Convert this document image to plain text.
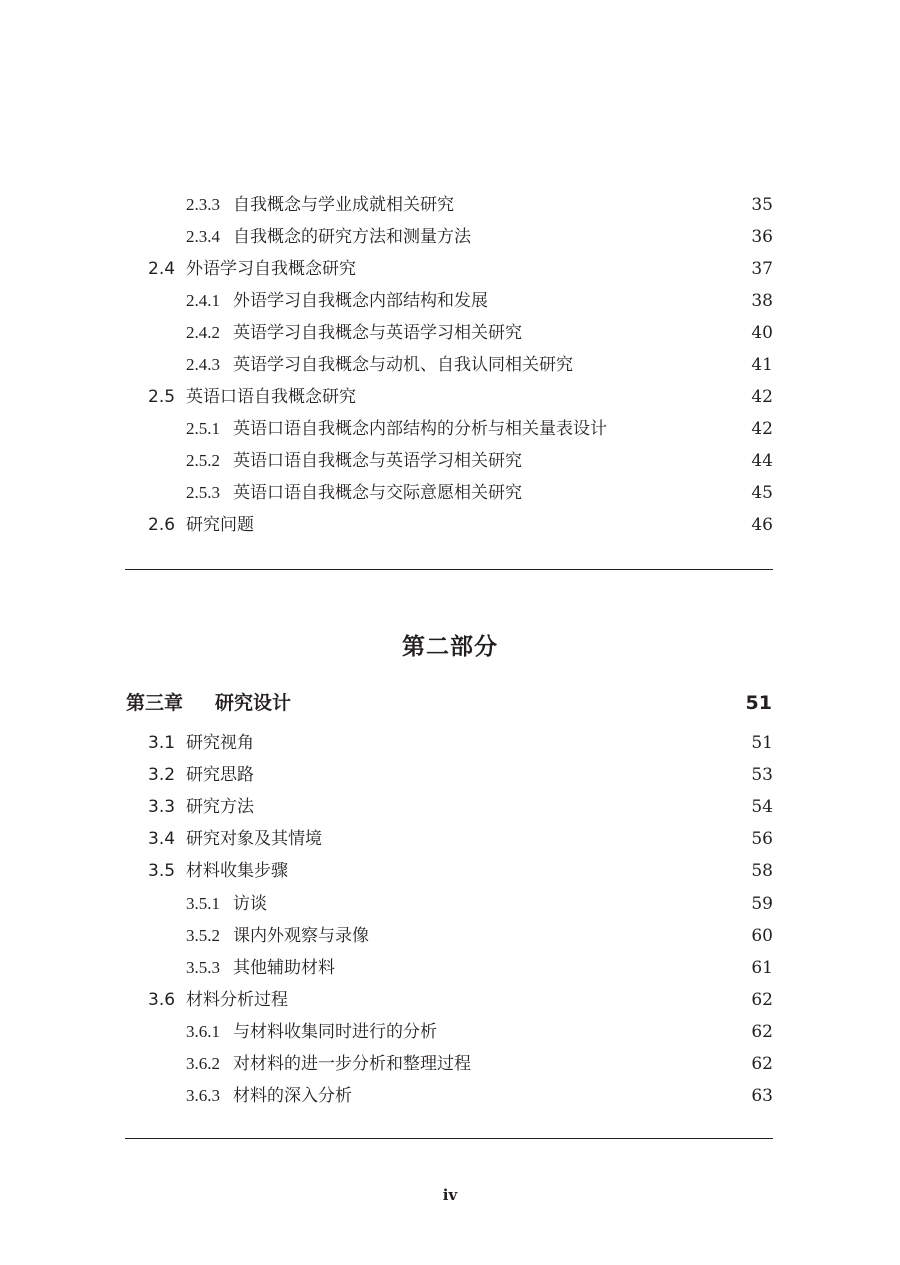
2.3.3 自我概念与学业成就相关研究	35
2.3.4 自我概念的研究方法和测量方法	36
2.4 外语学习自我概念研究	37
2.4.1 外语学习自我概念内部结构和发展	38
2.4.2 英语学习自我概念与英语学习相关研究	40
2.4.3 英语学习自我概念与动机、自我认同相关研究	41
2.5 英语口语自我概念研究	42
2.5.1 英语口语自我概念内部结构的分析与相关量表设计	42
2.5.2 英语口语自我概念与英语学习相关研究	44
2.5.3 英语口语自我概念与交际意愿相关研究	45
2.6 研究问题	46
第二部分
第三章 研究设计	51
3.1 研究视角	51
3.2 研究思路	53
3.3 研究方法	54
3.4 研究对象及其情境	56
3.5 材料收集步骤	58
3.5.1 访谈	59
3.5.2 课内外观察与录像	60
3.5.3 其他辅助材料	61
3.6 材料分析过程	62
3.6.1 与材料收集同时进行的分析	62
3.6.2 对材料的进一步分析和整理过程	62
3.6.3 材料的深入分析	63
iv
